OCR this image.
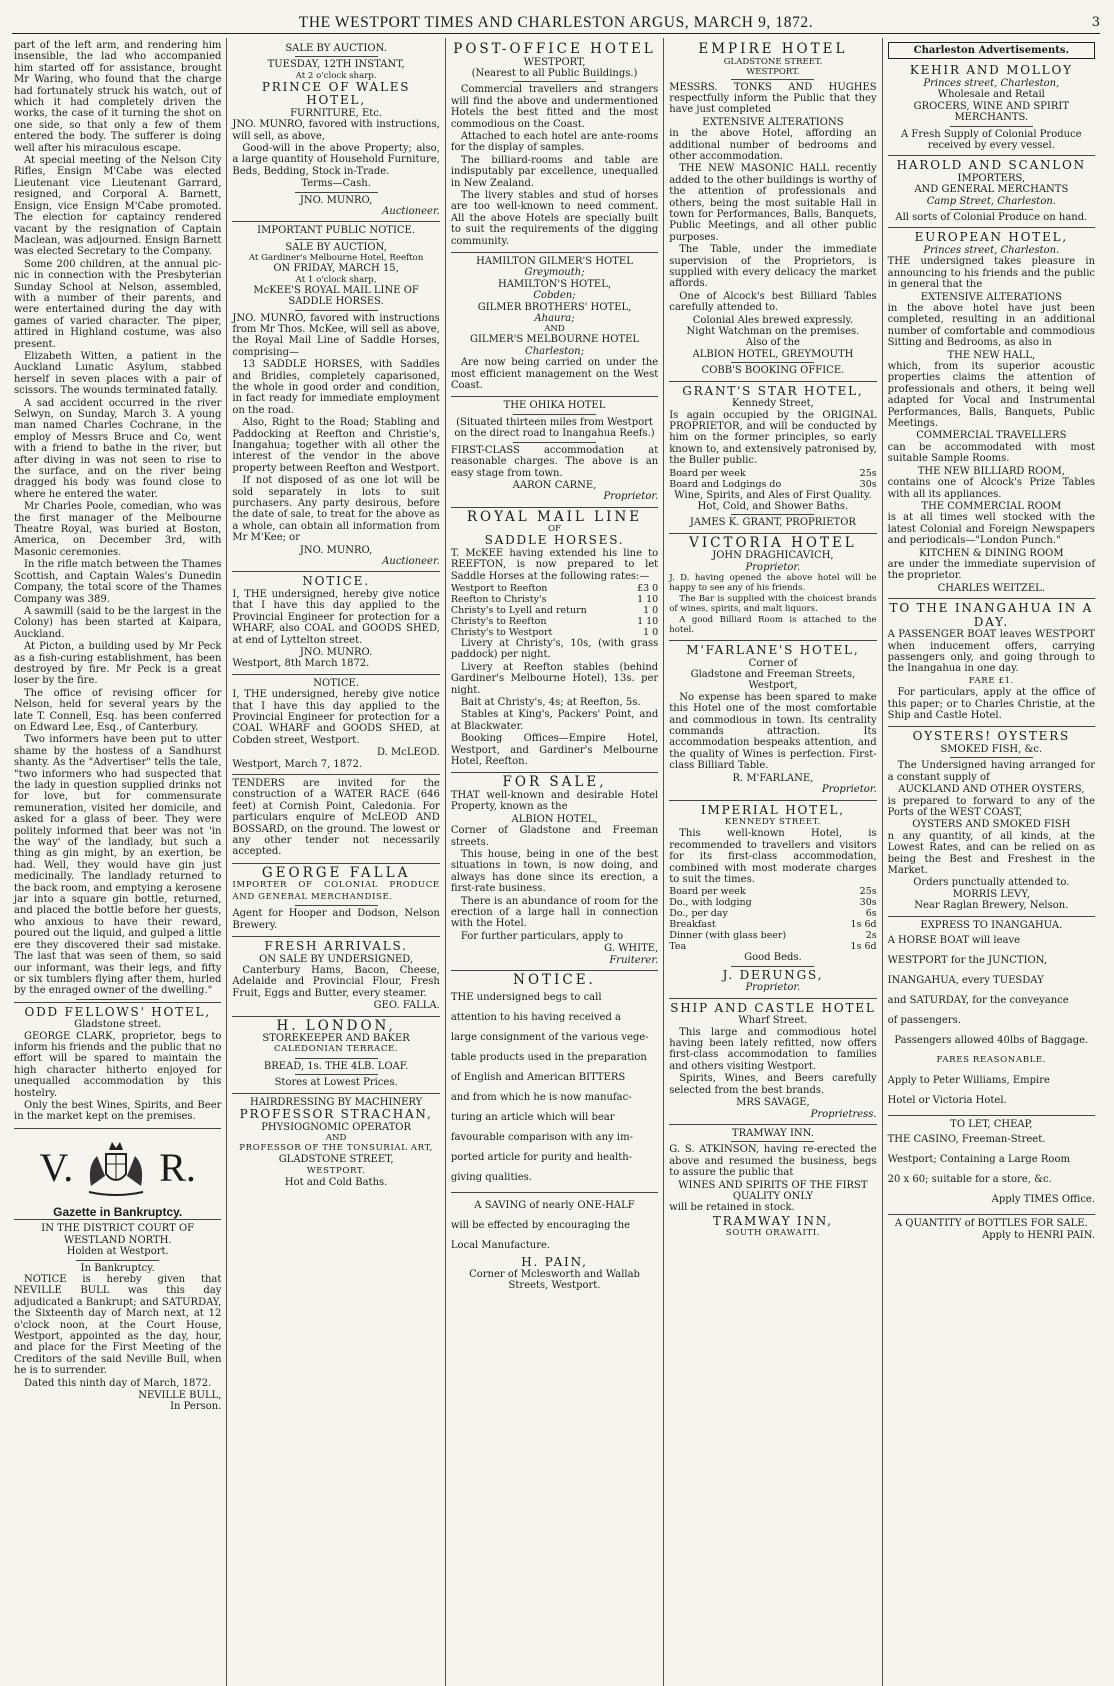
THE WESTPORT TIMES AND CHARLESTON ARGUS, MARCH 9, 1872.	3

part of the left arm, and rendering him insensible, the lad who accompanied him started off for assistance, brought Mr Waring, who found that the charge had fortunately struck his watch, out of which it had completely driven the works, the case of it turning the shot on one side, so that only a few of them entered the body. The sufferer is doing well after his miraculous escape.

At special meeting of the Nelson City Rifles, Ensign M'Cabe was elected Lieutenant vice Lieutenant Garrard, resigned, and Corporal A. Barnett, Ensign, vice Ensign M'Cabe promoted. The election for captaincy rendered vacant by the resignation of Captain Maclean, was adjourned. Ensign Barnett was elected Secretary to the Company.

Some 200 children, at the annual pic-nic in connection with the Presbyterian Sunday School at Nelson, assembled, with a number of their parents, and were entertained during the day with games of varied character. The piper, attired in Highland costume, was also present.

Elizabeth Witten, a patient in the Auckland Lunatic Asylum, stabbed herself in seven places with a pair of scissors. The wounds terminated fatally.

A sad accident occurred in the river Selwyn, on Sunday, March 3. A young man named Charles Cochrane, in the employ of Messrs Bruce and Co, went with a friend to bathe in the river, but after diving in was not seen to rise to the surface, and on the river being dragged his body was found close to where he entered the water.

Mr Charles Poole, comedian, who was the first manager of the Melbourne Theatre Royal, was buried at Boston, America, on December 3rd, with Masonic ceremonies.

In the rifle match between the Thames Scottish, and Captain Wales's Dunedin Company, the total score of the Thames Company was 389.

A sawmill (said to be the largest in the Colony) has been started at Kaipara, Auckland.

At Picton, a building used by Mr Peck as a fish-curing establishment, has been destroyed by fire. Mr Peck is a great loser by the fire.

The office of revising officer for Nelson, held for several years by the late T. Connell, Esq. has been conferred on Edward Lee, Esq., of Canterbury.

Two informers have been put to utter shame by the hostess of a Sandhurst shanty. As the "Advertiser" tells the tale, "two informers who had suspected that the lady in question supplied drinks not for love, but for commensurate remuneration, visited her domicile, and asked for a glass of beer. They were politely informed that beer was not 'in the way' of the landlady, but such a thing as gin might, by an exertion, be had. Well, they would have gin just medicinally. The landlady returned to the back room, and emptying a kerosene jar into a square gin bottle, returned, and placed the bottle before her guests, who anxious to have their reward, poured out the liquid, and gulped a little ere they discovered their sad mistake. The last that was seen of them, so said our informant, was their legs, and fifty or six tumblers flying after them, hurled by the enraged owner of the dwelling."

ODD FELLOWS' HOTEL,
Gladstone street.

GEORGE CLARK, proprietor, begs to inform his friends and the public that no effort will be spared to maintain the high character hitherto enjoyed for unequalled accommodation by this hostelry.

Only the best Wines, Spirits, and Beer in the market kept on the premises.

V. R.
Gazette in Bankruptcy.
IN THE DISTRICT COURT OF WESTLAND NORTH.
Holden at Westport.
In Bankruptcy.

NOTICE is hereby given that NEVILLE BULL was this day adjudicated a Bankrupt; and SATURDAY, the Sixteenth day of March next, at 12 o'clock noon, at the Court House, Westport, appointed as the day, hour, and place for the First Meeting of the Creditors of the said Neville Bull, when he is to surrender.

Dated this ninth day of March, 1872.

NEVILLE BULL,
In Person.
SALE BY AUCTION.
TUESDAY, 12TH INSTANT,
At 2 o'clock sharp.
PRINCE OF WALES HOTEL,
FURNITURE, Etc.

JNO. MUNRO, favored with instructions, will sell, as above,

Good-will in the above Property; also, a large quantity of Household Furniture, Beds, Bedding, Stock in-Trade.

Terms—Cash.
JNO. MUNRO,
Auctioneer.
IMPORTANT PUBLIC NOTICE.
SALE BY AUCTION,
At Gardiner's Melbourne Hotel, Reefton
ON FRIDAY, MARCH 15,
At 1 o'clock sharp,
McKEE'S ROYAL MAIL LINE OF SADDLE HORSES.

JNO. MUNRO, favored with instructions from Mr Thos. McKee, will sell as above, the Royal Mail Line of Saddle Horses, comprising—

13 SADDLE HORSES, with Saddles and Bridles, completely caparisoned, the whole in good order and condition, in fact ready for immediate employment on the road.

Also, Right to the Road; Stabling and Paddocking at Reefton and Christie's, Inangahua; together with all other the interest of the vendor in the above property between Reefton and Westport.

If not disposed of as one lot will be sold separately in lots to suit purchasers. Any party desirous, before the date of sale, to treat for the above as a whole, can obtain all information from Mr M'Kee; or

JNO. MUNRO,
Auctioneer.
NOTICE.

I, THE undersigned, hereby give notice that I have this day applied to the Provincial Engineer for protection for a WHARF, also COAL and GOODS SHED, at end of Lyttelton street.

JNO. MUNRO.
Westport, 8th March 1872.
NOTICE.

I, THE undersigned, hereby give notice that I have this day applied to the Provincial Engineer for protection for a COAL WHARF and GOODS SHED, at Cobden street, Westport.

D. McLEOD.
Westport, March 7, 1872.

TENDERS are invited for the construction of a WATER RACE (646 feet) at Cornish Point, Caledonia. For particulars enquire of McLEOD AND BOSSARD, on the ground. The lowest or any other tender not necessarily accepted.

GEORGE FALLA
IMPORTER OF COLONIAL PRODUCE AND GENERAL MERCHANDISE.

Agent for Hooper and Dodson, Nelson Brewery.

FRESH ARRIVALS.
ON SALE BY UNDERSIGNED,

Canterbury Hams, Bacon, Cheese, Adelaide and Provincial Flour, Fresh Fruit, Eggs and Butter, every steamer.

GEO. FALLA.
H. LONDON,
STOREKEEPER AND BAKER
CALEDONIAN TERRACE.
BREAD, 1s. THE 4LB. LOAF.
Stores at Lowest Prices.
HAIRDRESSING BY MACHINERY
PROFESSOR STRACHAN,
PHYSIOGNOMIC OPERATOR
AND
PROFESSOR OF THE TONSURIAL ART,
GLADSTONE STREET,
WESTPORT.
Hot and Cold Baths.
POST-OFFICE HOTEL
WESTPORT,
(Nearest to all Public Buildings.)

Commercial travellers and strangers will find the above and undermentioned Hotels the best fitted and the most commodious on the Coast.

Attached to each hotel are ante-rooms for the display of samples.

The billiard-rooms and table are indisputably par excellence, unequalled in New Zealand.

The livery stables and stud of horses are too well-known to need comment. All the above Hotels are specially built to suit the requirements of the digging community.

HAMILTON GILMER'S HOTEL
Greymouth;
HAMILTON'S HOTEL,
Cobden;
GILMER BROTHERS' HOTEL,
Ahaura;
AND
GILMER'S MELBOURNE HOTEL
Charleston;

Are now being carried on under the most efficient management on the West Coast.

THE OHIKA HOTEL
(Situated thirteen miles from Westport on the direct road to Inangahua Reefs.)

FIRST-CLASS accommodation at reasonable charges. The above is an easy stage from town.

AARON CARNE,
Proprietor.
ROYAL MAIL LINE
OF
SADDLE HORSES.

T. McKEE having extended his line to REEFTON, is now prepared to let Saddle Horses at the following rates:—

Westport to Reefton	£3 0
Reefton to Christy's	1 10
Christy's to Lyell and return	1 0
Christy's to Reefton	1 10
Christy's to Westport	1 0

Livery at Christy's, 10s, (with grass paddock) per night.

Livery at Reefton stables (behind Gardiner's Melbourne Hotel), 13s. per night.

Bait at Christy's, 4s; at Reefton, 5s.

Stables at King's, Packers' Point, and at Blackwater.

Booking Offices—Empire Hotel, Westport, and Gardiner's Melbourne Hotel, Reefton.

FOR SALE,

THAT well-known and desirable Hotel Property, known as the

ALBION HOTEL,

Corner of Gladstone and Freeman streets.

This house, being in one of the best situations in town, is now doing, and always has done since its erection, a first-rate business.

There is an abundance of room for the erection of a large hall in connection with the Hotel.

For further particulars, apply to

G. WHITE,
Fruiterer.
NOTICE.

THE undersigned begs to call

attention to his having received a

large consignment of the various vege-

table products used in the preparation

of English and American BITTERS

and from which he is now manufac-

turing an article which will bear

favourable comparison with any im-

ported article for purity and health-

giving qualities.

A SAVING of nearly ONE-HALF

will be effected by encouraging the

Local Manufacture.

H. PAIN,
Corner of Mclesworth and Wallab
Streets, Westport.
EMPIRE HOTEL
GLADSTONE STREET.
WESTPORT.

MESSRS. TONKS AND HUGHES respectfully inform the Public that they have just completed

EXTENSIVE ALTERATIONS

in the above Hotel, affording an additional number of bedrooms and other accommodation.

THE NEW MASONIC HALL recently added to the other buildings is worthy of the attention of professionals and others, being the most suitable Hall in town for Performances, Balls, Banquets, Public Meetings, and all other public purposes.

The Table, under the immediate supervision of the Proprietors, is supplied with every delicacy the market affords.

One of Alcock's best Billiard Tables carefully attended to.

Colonial Ales brewed expressly.
Night Watchman on the premises.
Also of the
ALBION HOTEL, GREYMOUTH
COBB'S BOOKING OFFICE.
GRANT'S STAR HOTEL,
Kennedy Street,

Is again occupied by the ORIGINAL PROPRIETOR, and will be conducted by him on the former principles, so early known to, and extensively patronised by, the Buller public.

Board per week	25s
Board and Lodgings do	30s
Wine, Spirits, and Ales of First Quality.
Hot, Cold, and Shower Baths.
JAMES K. GRANT, PROPRIETOR
VICTORIA HOTEL
JOHN DRAGHICAVICH,
Proprietor.

J. D. having opened the above hotel will be happy to see any of his friends.

The Bar is supplied with the choicest brands of wines, spirits, and malt liquors.

A good Billiard Room is attached to the hotel.

M'FARLANE'S HOTEL,
Corner of
Gladstone and Freeman Streets,
Westport,

No expense has been spared to make this Hotel one of the most comfortable and commodious in town. Its centrality commands attraction. Its accommodation bespeaks attention, and the quality of Wines is perfection. First-class Billiard Table.

R. M'FARLANE,
Proprietor.
IMPERIAL HOTEL,
KENNEDY STREET.

This well-known Hotel, is recommended to travellers and visitors for its first-class accommodation, combined with most moderate charges to suit the times.

Board per week	25s
Do., with lodging	30s
Do., per day	6s
Breakfast	1s 6d
Dinner (with glass beer)	2s
Tea	1s 6d
Good Beds.
J. DERUNGS,
Proprietor.
SHIP AND CASTLE HOTEL
Wharf Street.

This large and commodious hotel having been lately refitted, now offers first-class accommodation to families and others visiting Westport.

Spirits, Wines, and Beers carefully selected from the best brands.

MRS SAVAGE,
Proprietress.
TRAMWAY INN.

G. S. ATKINSON, having re-erected the above and resumed the business, begs to assure the public that

WINES AND SPIRITS OF THE FIRST QUALITY ONLY

will be retained in stock.

TRAMWAY INN,
SOUTH ORAWAITI.
Charleston Advertisements.
KEHIR AND MOLLOY
Princes street, Charleston,
Wholesale and Retail
GROCERS, WINE AND SPIRIT MERCHANTS.
A Fresh Supply of Colonial Produce received by every vessel.
HAROLD AND SCANLON
IMPORTERS,
AND GENERAL MERCHANTS
Camp Street, Charleston.
All sorts of Colonial Produce on hand.
EUROPEAN HOTEL,
Princes street, Charleston.

THE undersigned takes pleasure in announcing to his friends and the public in general that the

EXTENSIVE ALTERATIONS

in the above hotel have just been completed, resulting in an additional number of comfortable and commodious Sitting and Bedrooms, as also in

THE NEW HALL,

which, from its superior acoustic properties claims the attention of professionals and others, it being well adapted for Vocal and Instrumental Performances, Balls, Banquets, Public Meetings.

COMMERCIAL TRAVELLERS

can be accommodated with most suitable Sample Rooms.

THE NEW BILLIARD ROOM,

contains one of Alcock's Prize Tables with all its appliances.

THE COMMERCIAL ROOM

is at all times well stocked with the latest Colonial and Foreign Newspapers and periodicals—"London Punch."

KITCHEN & DINING ROOM

are under the immediate supervision of the proprietor.

CHARLES WEITZEL.
TO THE INANGAHUA IN A DAY.

A PASSENGER BOAT leaves WESTPORT when inducement offers, carrying passengers only, and going through to the Inangahua in one day.

FARE £1.

For particulars, apply at the office of this paper; or to Charles Christie, at the Ship and Castle Hotel.

OYSTERS! OYSTERS
SMOKED FISH, &c.

The Undersigned having arranged for a constant supply of

AUCKLAND AND OTHER OYSTERS,

is prepared to forward to any of the Ports of the WEST COAST,

OYSTERS AND SMOKED FISH

n any quantity, of all kinds, at the Lowest Rates, and can be relied on as being the Best and Freshest in the Market.

Orders punctually attended to.
MORRIS LEVY,
Near Raglan Brewery, Nelson.
EXPRESS TO INANGAHUA.

A HORSE BOAT will leave

WESTPORT for the JUNCTION,

INANGAHUA, every TUESDAY

and SATURDAY, for the conveyance

of passengers.

Passengers allowed 40lbs of Baggage.

FARES REASONABLE.

Apply to Peter Williams, Empire

Hotel or Victoria Hotel.

TO LET, CHEAP,

THE CASINO, Freeman-Street.

Westport; Containing a Large Room

20 x 60; suitable for a store, &c.

Apply TIMES Office.

A QUANTITY of BOTTLES FOR SALE.
Apply to HENRI PAIN.
